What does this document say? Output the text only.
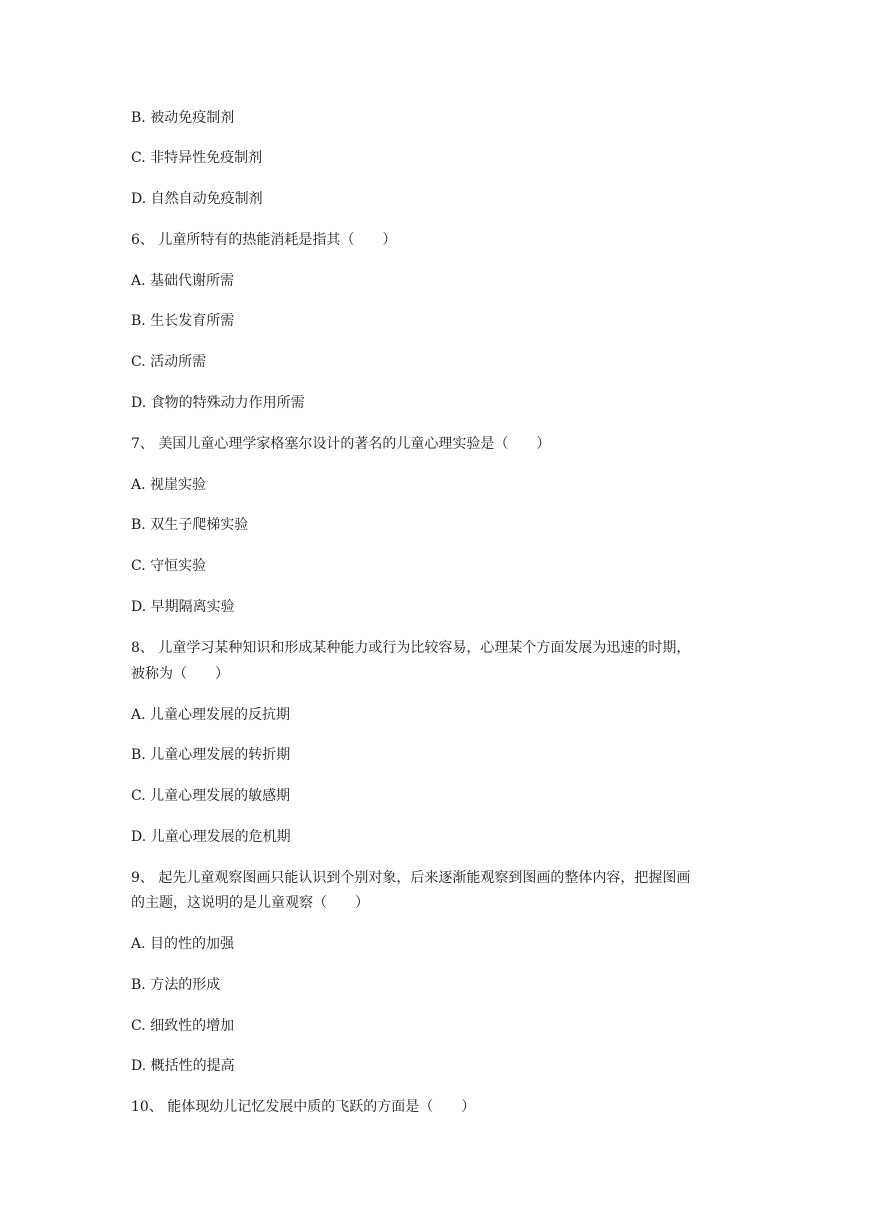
B. 被动免疫制剂
C. 非特异性免疫制剂
D. 自然自动免疫制剂
6、 儿童所特有的热能消耗是指其（　　）
A. 基础代谢所需
B. 生长发育所需
C. 活动所需
D. 食物的特殊动力作用所需
7、 美国儿童心理学家格塞尔设计的著名的儿童心理实验是（　　）
A. 视崖实验
B. 双生子爬梯实验
C. 守恒实验
D. 早期隔离实验
8、 儿童学习某种知识和形成某种能力或行为比较容易，心理某个方面发展为迅速的时期，
被称为（　　）
A. 儿童心理发展的反抗期
B. 儿童心理发展的转折期
C. 儿童心理发展的敏感期
D. 儿童心理发展的危机期
9、 起先儿童观察图画只能认识到个别对象，后来逐渐能观察到图画的整体内容，把握图画
的主题，这说明的是儿童观察（　　）
A. 目的性的加强
B. 方法的形成
C. 细致性的增加
D. 概括性的提高
10、 能体现幼儿记忆发展中质的飞跃的方面是（　　）
